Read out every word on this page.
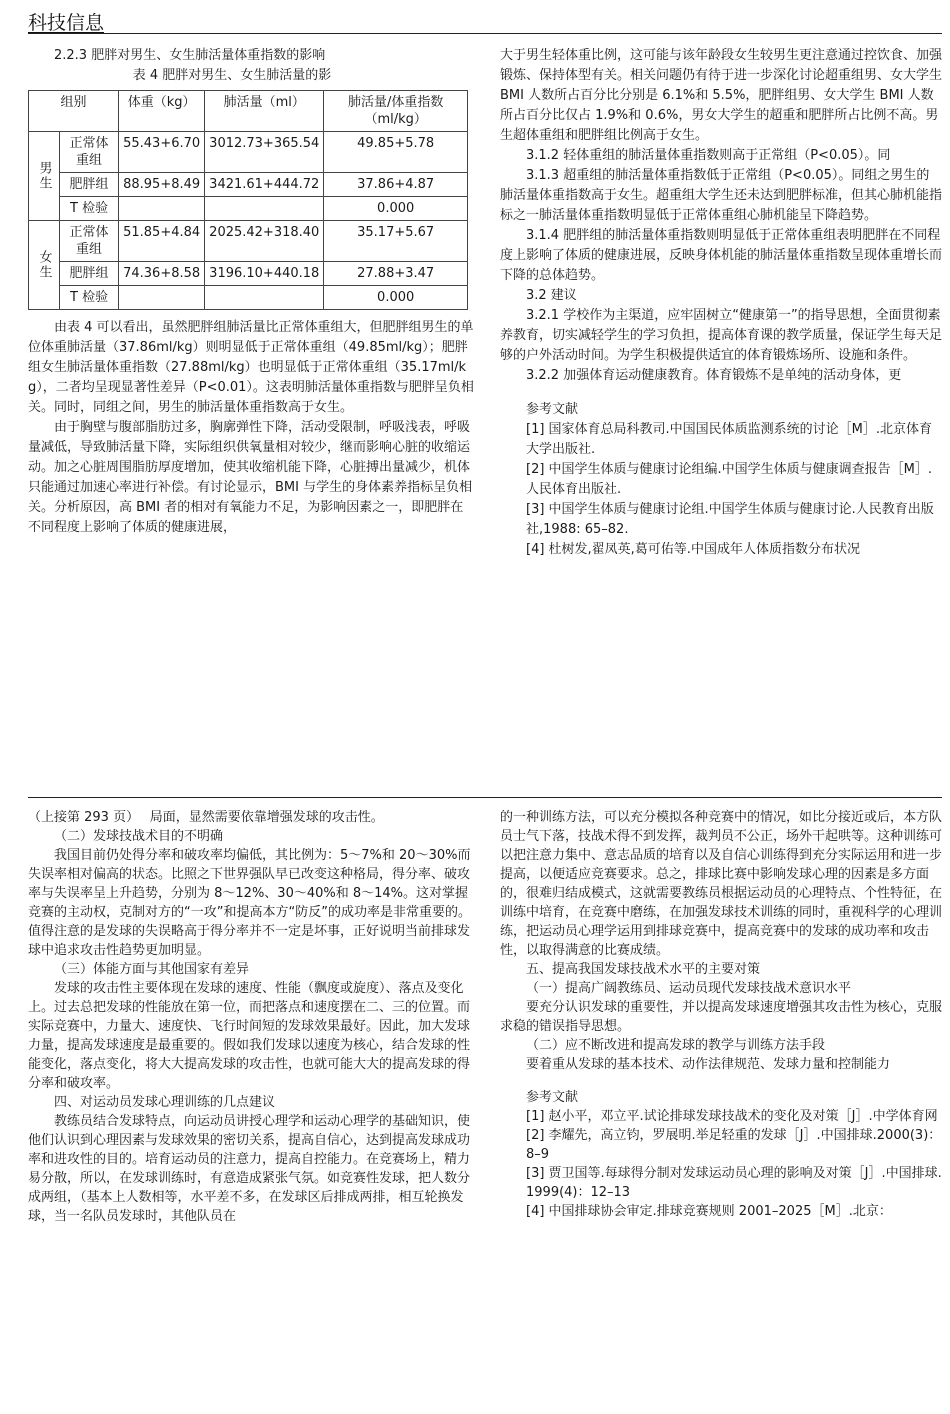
科技信息

2.2.3 肥胖对男生、女生肺活量体重指数的影响

表 4 肥胖对男生、女生肺活量的影

组别		体重（kg）	肺活量（ml）	肺活量/体重指数（ml/kg）
男生	正常体重组	55.43+6.70	3012.73+365.54	49.85+5.78
	肥胖组	88.95+8.49	3421.61+444.72	37.86+4.87
	T 检验			0.000
女生	正常体重组	51.85+4.84	2025.42+318.40	35.17+5.67
	肥胖组	74.36+8.58	3196.10+440.18	27.88+3.47
	T 检验			0.000

由表 4 可以看出，虽然肥胖组肺活量比正常体重组大，但肥胖组男生的单位体重肺活量（37.86ml/kg）则明显低于正常体重组（49.85ml/kg）；肥胖组女生肺活量体重指数（27.88ml/kg）也明显低于正常体重组（35.17ml/kg），二者均呈现显著性差异（P<0.01）。这表明肺活量体重指数与肥胖呈负相关。同时，同组之间，男生的肺活量体重指数高于女生。

由于胸壁与腹部脂肪过多，胸廓弹性下降，活动受限制，呼吸浅表，呼吸量减低，导致肺活量下降，实际组织供氧量相对较少，继而影响心脏的收缩运动。加之心脏周围脂肪厚度增加，使其收缩机能下降，心脏搏出量减少，机体只能通过加速心率进行补偿。有讨论显示，BMI 与学生的身体素养指标呈负相关。分析原因，高 BMI 者的相对有氧能力不足，为影响因素之一，即肥胖在不同程度上影响了体质的健康进展，

大于男生轻体重比例，这可能与该年龄段女生较男生更注意通过控饮食、加强锻炼、保持体型有关。相关问题仍有待于进一步深化讨论超重组男、女大学生 BMI 人数所占百分比分别是 6.1%和 5.5%，肥胖组男、女大学生 BMI 人数所占百分比仅占 1.9%和 0.6%，男女大学生的超重和肥胖所占比例不高。男生超体重组和肥胖组比例高于女生。

3.1.2 轻体重组的肺活量体重指数则高于正常组（P<0.05）。同

3.1.3 超重组的肺活量体重指数低于正常组（P<0.05）。同组之男生的肺活量体重指数高于女生。超重组大学生还未达到肥胖标准，但其心肺机能指标之一肺活量体重指数明显低于正常体重组心肺机能呈下降趋势。

3.1.4 肥胖组的肺活量体重指数则明显低于正常体重组表明肥胖在不同程度上影响了体质的健康进展，反映身体机能的肺活量体重指数呈现体重增长而下降的总体趋势。

3.2 建议

3.2.1 学校作为主渠道，应牢固树立“健康第一”的指导思想，全面贯彻素养教育，切实减轻学生的学习负担，提高体育课的教学质量，保证学生每天足够的户外活动时间。为学生积极提供适宜的体育锻炼场所、设施和条件。

3.2.2 加强体育运动健康教育。体育锻炼不是单纯的活动身体，更

参考文献

[1] 国家体育总局科教司.中国国民体质监测系统的讨论［M］.北京体育大学出版社.

[2] 中国学生体质与健康讨论组编.中国学生体质与健康调查报告［M］.人民体育出版社.

[3] 中国学生体质与健康讨论组.中国学生体质与健康讨论.人民教育出版社,1988: 65–82.

[4] 杜树发,翟凤英,葛可佑等.中国成年人体质指数分布状况

（上接第 293 页）　 局面，显然需要依靠增强发球的攻击性。

（二）发球技战术目的不明确

我国目前仍处得分率和破攻率均偏低，其比例为：5～7%和 20～30%而失误率相对偏高的状态。比照之下世界强队早已改变这种格局，得分率、破攻率与失误率呈上升趋势，分别为 8～12%、30～40%和 8～14%。这对掌握竞赛的主动权，克制对方的“一攻”和提高本方“防反”的成功率是非常重要的。值得注意的是发球的失误略高于得分率并不一定是坏事，正好说明当前排球发球中追求攻击性趋势更加明显。

（三）体能方面与其他国家有差异

发球的攻击性主要体现在发球的速度、性能（飘度或旋度）、落点及变化上。过去总把发球的性能放在第一位，而把落点和速度摆在二、三的位置。而实际竞赛中，力量大、速度快、飞行时间短的发球效果最好。因此，加大发球力量，提高发球速度是最重要的。假如我们发球以速度为核心，结合发球的性能变化，落点变化，将大大提高发球的攻击性，也就可能大大的提高发球的得分率和破攻率。

四、对运动员发球心理训练的几点建议

教练员结合发球特点，向运动员讲授心理学和运动心理学的基础知识，使他们认识到心理因素与发球效果的密切关系，提高自信心，达到提高发球成功率和进攻性的目的。培育运动员的注意力，提高自控能力。在竞赛场上，精力易分散，所以，在发球训练时，有意造成紧张气氛。如竞赛性发球，把人数分成两组，（基本上人数相等，水平差不多，在发球区后排成两排，相互轮换发球，当一名队员发球时，其他队员在

的一种训练方法，可以充分模拟各种竞赛中的情况，如比分接近或后，本方队员士气下落，技战术得不到发挥，裁判员不公正，场外干起哄等。这种训练可以把注意力集中、意志品质的培育以及自信心训练得到充分实际运用和进一步提高，以便适应竞赛要求。总之，排球比赛中影响发球心理的因素是多方面的，很难归结成模式，这就需要教练员根据运动员的心理特点、个性特征，在训练中培育，在竞赛中磨练，在加强发球技术训练的同时，重视科学的心理训练，把运动员心理学运用到排球竞赛中，提高竞赛中的发球的成功率和攻击性，以取得满意的比赛成绩。

五、提高我国发球技战术水平的主要对策

（一）提高广阔教练员、运动员现代发球技战术意识水平

要充分认识发球的重要性，并以提高发球速度增强其攻击性为核心，克服求稳的错误指导思想。

（二）应不断改进和提高发球的教学与训练方法手段

要着重从发球的基本技术、动作法律规范、发球力量和控制能力

参考文献

[1] 赵小平，邓立平.试论排球发球技战术的变化及对策［J］.中学体育网

[2] 李耀先，高立钧，罗展明.举足轻重的发球［J］.中国排球.2000(3)：8–9

[3] 贾卫国等.每球得分制对发球运动员心理的影响及对策［J］.中国排球.1999(4)：12–13

[4] 中国排球协会审定.排球竞赛规则 2001–2025［M］.北京：
